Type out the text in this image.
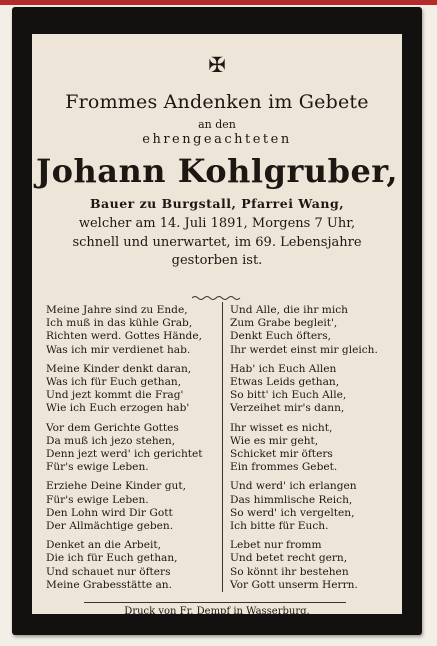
✠
Frommes Andenken im Gebete
an den
ehrengeachteten
Johann Kohlgruber,
Bauer zu Burgstall, Pfarrei Wang,
welcher am 14. Juli 1891, Morgens 7 Uhr,
schnell und unerwartet, im 69. Lebensjahre
gestorben ist.
Meine Jahre sind zu Ende,
Ich muß in das kühle Grab,
Richten werd. Gottes Hände,
Was ich mir verdienet hab.
Meine Kinder denkt daran,
Was ich für Euch gethan,
Und jezt kommt die Frag'
Wie ich Euch erzogen hab'
Vor dem Gerichte Gottes
Da muß ich jezo stehen,
Denn jezt werd' ich gerichtet
Für's ewige Leben.
Erziehe Deine Kinder gut,
Für's ewige Leben.
Den Lohn wird Dir Gott
Der Allmächtige geben.
Denket an die Arbeit,
Die ich für Euch gethan,
Und schauet nur öfters
Meine Grabesstätte an.
Und Alle, die ihr mich
Zum Grabe begleit',
Denkt Euch öfters,
Ihr werdet einst mir gleich.
Hab' ich Euch Allen
Etwas Leids gethan,
So bitt' ich Euch Alle,
Verzeihet mir's dann,
Ihr wisset es nicht,
Wie es mir geht,
Schicket mir öfters
Ein frommes Gebet.
Und werd' ich erlangen
Das himmlische Reich,
So werd' ich vergelten,
Ich bitte für Euch.
Lebet nur fromm
Und betet recht gern,
So könnt ihr bestehen
Vor Gott unserm Herrn.
Druck von Fr. Dempf in Wasserburg.
